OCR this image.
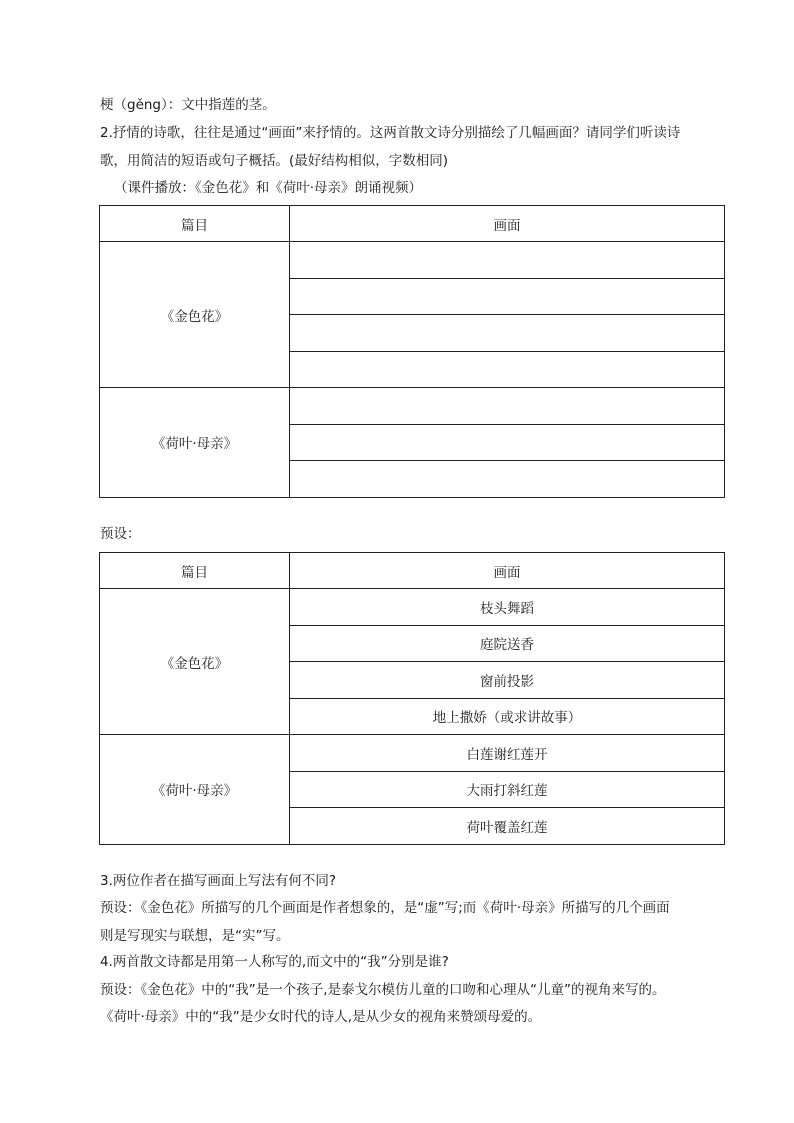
梗（gěng）：文中指莲的茎。
2.抒情的诗歌，往往是通过“画面”来抒情的。这两首散文诗分别描绘了几幅画面？请同学们听读诗
歌，用简洁的短语或句子概括。(最好结构相似，字数相同)
（课件播放：《金色花》和《荷叶·母亲》朗诵视频）
篇目	画面
《金色花》	

《荷叶·母亲》	

预设：
篇目	画面
《金色花》	枝头舞蹈
	庭院送香
	窗前投影
	地上撒娇（或求讲故事）
《荷叶·母亲》	白莲谢红莲开
	大雨打斜红莲
	荷叶覆盖红莲
3.两位作者在描写画面上写法有何不同?
预设：《金色花》所描写的几个画面是作者想象的，是“虚”写;而《荷叶·母亲》所描写的几个画面
则是写现实与联想，是“实”写。
4.两首散文诗都是用第一人称写的,而文中的“我”分别是谁?
预设：《金色花》中的“我”是一个孩子,是泰戈尔模仿儿童的口吻和心理从“儿童”的视角来写的。
《荷叶·母亲》中的“我”是少女时代的诗人,是从少女的视角来赞颂母爱的。
